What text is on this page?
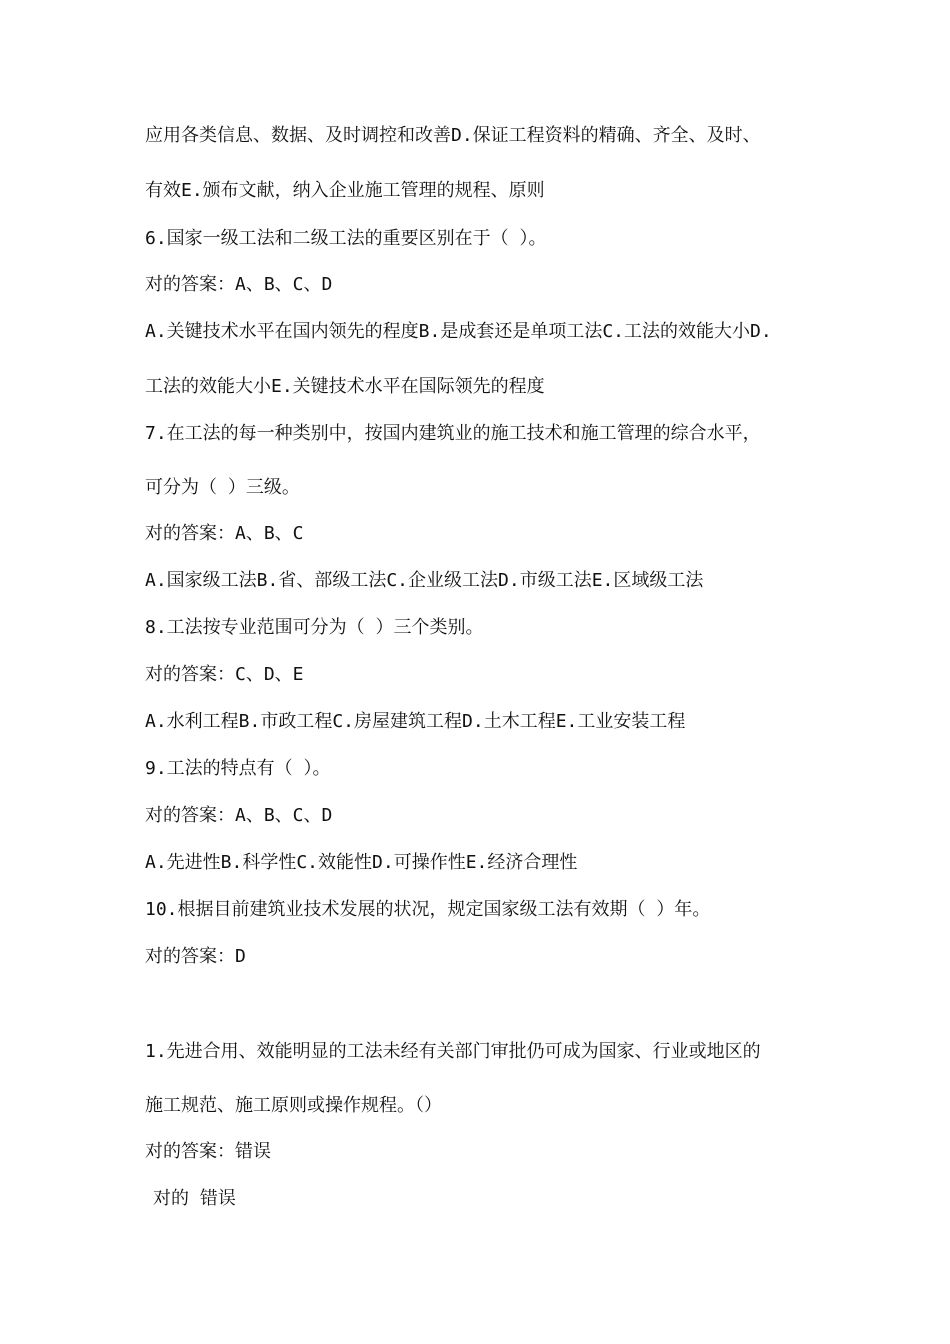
应用各类信息、数据、及时调控和改善D.保证工程资料的精确、齐全、及时、
有效E.颁布文献，纳入企业施工管理的规程、原则
6.国家一级工法和二级工法的重要区别在于（ ）。
对的答案：A、B、C、D
A.关键技术水平在国内领先的程度B.是成套还是单项工法C.工法的效能大小D.
工法的效能大小E.关键技术水平在国际领先的程度
7.在工法的每一种类别中，按国内建筑业的施工技术和施工管理的综合水平，
可分为（ ）三级。
对的答案：A、B、C
A.国家级工法B.省、部级工法C.企业级工法D.市级工法E.区域级工法
8.工法按专业范围可分为（ ）三个类别。
对的答案：C、D、E
A.水利工程B.市政工程C.房屋建筑工程D.土木工程E.工业安装工程
9.工法的特点有（ ）。
对的答案：A、B、C、D
A.先进性B.科学性C.效能性D.可操作性E.经济合理性
10.根据目前建筑业技术发展的状况，规定国家级工法有效期（ ）年。
对的答案：D
1.先进合用、效能明显的工法未经有关部门审批仍可成为国家、行业或地区的
施工规范、施工原则或操作规程。（）
对的答案：错误
对的 错误
